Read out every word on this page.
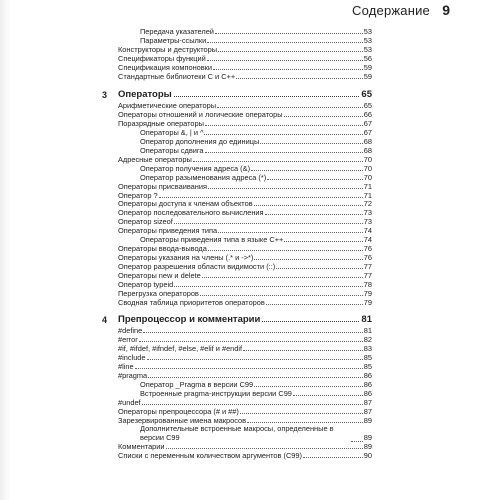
Содержание 9
3 Операторы	65
4 Препроцессор и комментарии	81
Передача указателей	53
Параметры-ссылки	53
Конструкторы и деструкторы	53
Спецификаторы функций	56
Спецификация компоновки	59
Стандартные библиотеки С и С++	59
Арифметические операторы	65
Операторы отношений и логические операторы	66
Поразрядные операторы	67
Операторы &, | и ^	67
Оператор дополнения до единицы	68
Операторы сдвига	68
Адресные операторы	70
Оператор получения адреса (&)	70
Оператор разыменования адреса (*)	70
Операторы присваивания	71
Оператор ?	71
Операторы доступа к членам объектов	72
Оператор последовательного вычисления	73
Оператор sizeof	73
Операторы приведения типа	74
Операторы приведения типа в языке С++	74
Операторы ввода-вывода	76
Операторы указания на члены (.* и ->*)	76
Оператор разрешения области видимости (::)	77
Операторы new и delete	77
Оператор typeid	78
Перегрузка операторов	79
Сводная таблица приоритетов операторов	79
#define	81
#error	82
#if, #ifdef, #ifndef, #else, #elif и #endif	83
#include	85
#line	85
#pragma	86
Оператор _Pragma в версии С99	86
Встроенные pragma-инструкции версии С99	86
#undef	87
Операторы препроцессора (# и ##)	87
Зарезервированные имена макросов	89
Дополнительные встроенные макросы, определенные в версии С99	89
Комментарии	89
Списки с переменным количеством аргументов (С99)	90
